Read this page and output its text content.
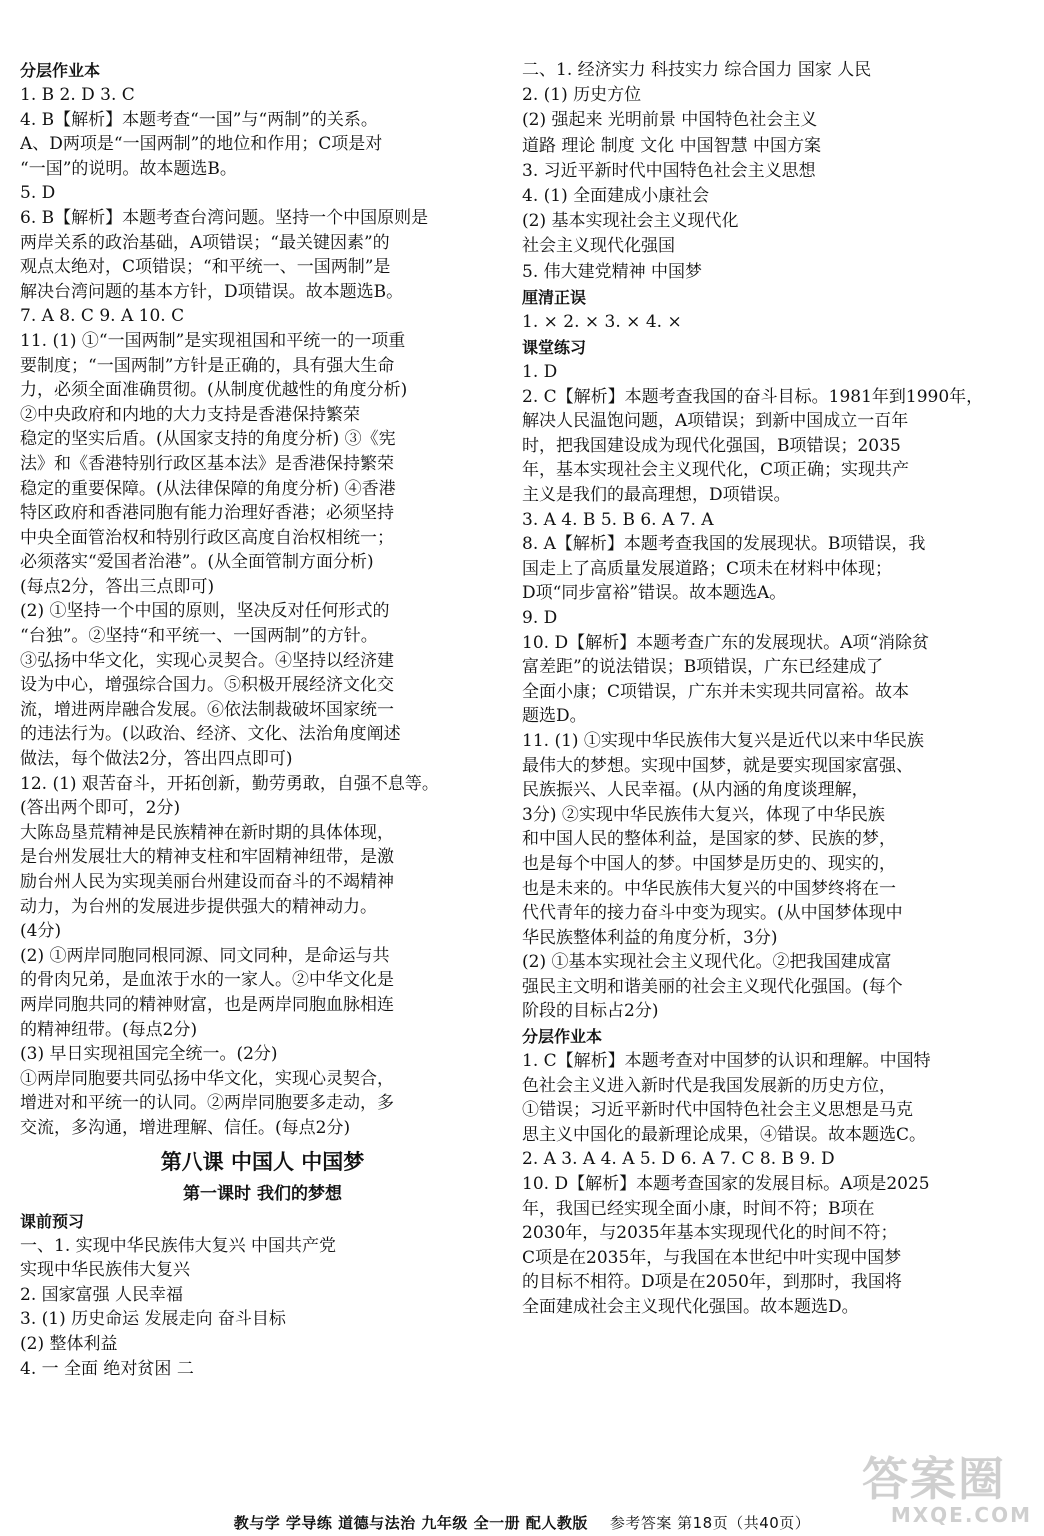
分层作业本
1. B 2. D 3. C
4. B【解析】本题考查“一国”与“两制”的关系。
A、D两项是“一国两制”的地位和作用；C项是对
“一国”的说明。故本题选B。
5. D
6. B【解析】本题考查台湾问题。坚持一个中国原则是
两岸关系的政治基础，A项错误；“最关键因素”的
观点太绝对，C项错误；“和平统一、一国两制”是
解决台湾问题的基本方针，D项错误。故本题选B。
7. A 8. C 9. A 10. C
11. (1) ①“一国两制”是实现祖国和平统一的一项重
要制度；“一国两制”方针是正确的，具有强大生命
力，必须全面准确贯彻。(从制度优越性的角度分析)
②中央政府和内地的大力支持是香港保持繁荣
稳定的坚实后盾。(从国家支持的角度分析) ③《宪
法》和《香港特别行政区基本法》是香港保持繁荣
稳定的重要保障。(从法律保障的角度分析) ④香港
特区政府和香港同胞有能力治理好香港；必须坚持
中央全面管治权和特别行政区高度自治权相统一；
必须落实“爱国者治港”。(从全面管制方面分析)
(每点2分，答出三点即可)
(2) ①坚持一个中国的原则，坚决反对任何形式的
“台独”。②坚持“和平统一、一国两制”的方针。
③弘扬中华文化，实现心灵契合。④坚持以经济建
设为中心，增强综合国力。⑤积极开展经济文化交
流，增进两岸融合发展。⑥依法制裁破坏国家统一
的违法行为。(以政治、经济、文化、法治角度阐述
做法，每个做法2分，答出四点即可)
12. (1) 艰苦奋斗，开拓创新，勤劳勇敢，自强不息等。
(答出两个即可，2分)
大陈岛垦荒精神是民族精神在新时期的具体体现，
是台州发展壮大的精神支柱和牢固精神纽带，是激
励台州人民为实现美丽台州建设而奋斗的不竭精神
动力，为台州的发展进步提供强大的精神动力。
(4分)
(2) ①两岸同胞同根同源、同文同种，是命运与共
的骨肉兄弟，是血浓于水的一家人。②中华文化是
两岸同胞共同的精神财富，也是两岸同胞血脉相连
的精神纽带。(每点2分)
(3) 早日实现祖国完全统一。(2分)
①两岸同胞要共同弘扬中华文化，实现心灵契合，
增进对和平统一的认同。②两岸同胞要多走动，多
交流，多沟通，增进理解、信任。(每点2分)
第八课 中国人 中国梦
第一课时 我们的梦想
课前预习
一、1. 实现中华民族伟大复兴 中国共产党
实现中华民族伟大复兴
2. 国家富强 人民幸福
3. (1) 历史命运 发展走向 奋斗目标
(2) 整体利益
4. 一 全面 绝对贫困 二
二、1. 经济实力 科技实力 综合国力 国家 人民
2. (1) 历史方位
(2) 强起来 光明前景 中国特色社会主义
道路 理论 制度 文化 中国智慧 中国方案
3. 习近平新时代中国特色社会主义思想
4. (1) 全面建成小康社会
(2) 基本实现社会主义现代化
社会主义现代化强国
5. 伟大建党精神 中国梦
厘清正误
1. × 2. × 3. × 4. ×
课堂练习
1. D
2. C【解析】本题考查我国的奋斗目标。1981年到1990年，
解决人民温饱问题，A项错误；到新中国成立一百年
时，把我国建设成为现代化强国，B项错误；2035
年，基本实现社会主义现代化，C项正确；实现共产
主义是我们的最高理想，D项错误。
3. A 4. B 5. B 6. A 7. A
8. A【解析】本题考查我国的发展现状。B项错误，我
国走上了高质量发展道路；C项未在材料中体现；
D项“同步富裕”错误。故本题选A。
9. D
10. D【解析】本题考查广东的发展现状。A项“消除贫
富差距”的说法错误；B项错误，广东已经建成了
全面小康；C项错误，广东并未实现共同富裕。故本
题选D。
11. (1) ①实现中华民族伟大复兴是近代以来中华民族
最伟大的梦想。实现中国梦，就是要实现国家富强、
民族振兴、人民幸福。(从内涵的角度谈理解，
3分) ②实现中华民族伟大复兴，体现了中华民族
和中国人民的整体利益，是国家的梦、民族的梦，
也是每个中国人的梦。中国梦是历史的、现实的，
也是未来的。中华民族伟大复兴的中国梦终将在一
代代青年的接力奋斗中变为现实。(从中国梦体现中
华民族整体利益的角度分析，3分)
(2) ①基本实现社会主义现代化。②把我国建成富
强民主文明和谐美丽的社会主义现代化强国。(每个
阶段的目标占2分)
分层作业本
1. C【解析】本题考查对中国梦的认识和理解。中国特
色社会主义进入新时代是我国发展新的历史方位，
①错误；习近平新时代中国特色社会主义思想是马克
思主义中国化的最新理论成果，④错误。故本题选C。
2. A 3. A 4. A 5. D 6. A 7. C 8. B 9. D
10. D【解析】本题考查国家的发展目标。A项是2025
年，我国已经实现全面小康，时间不符；B项在
2030年，与2035年基本实现现代化的时间不符；
C项是在2035年，与我国在本世纪中叶实现中国梦
的目标不相符。D项是在2050年，到那时，我国将
全面建成社会主义现代化强国。故本题选D。
答案圈
MXQE.COM
教与学 学导练 道德与法治 九年级 全一册 配人教版 参考答案 第18页（共40页）
